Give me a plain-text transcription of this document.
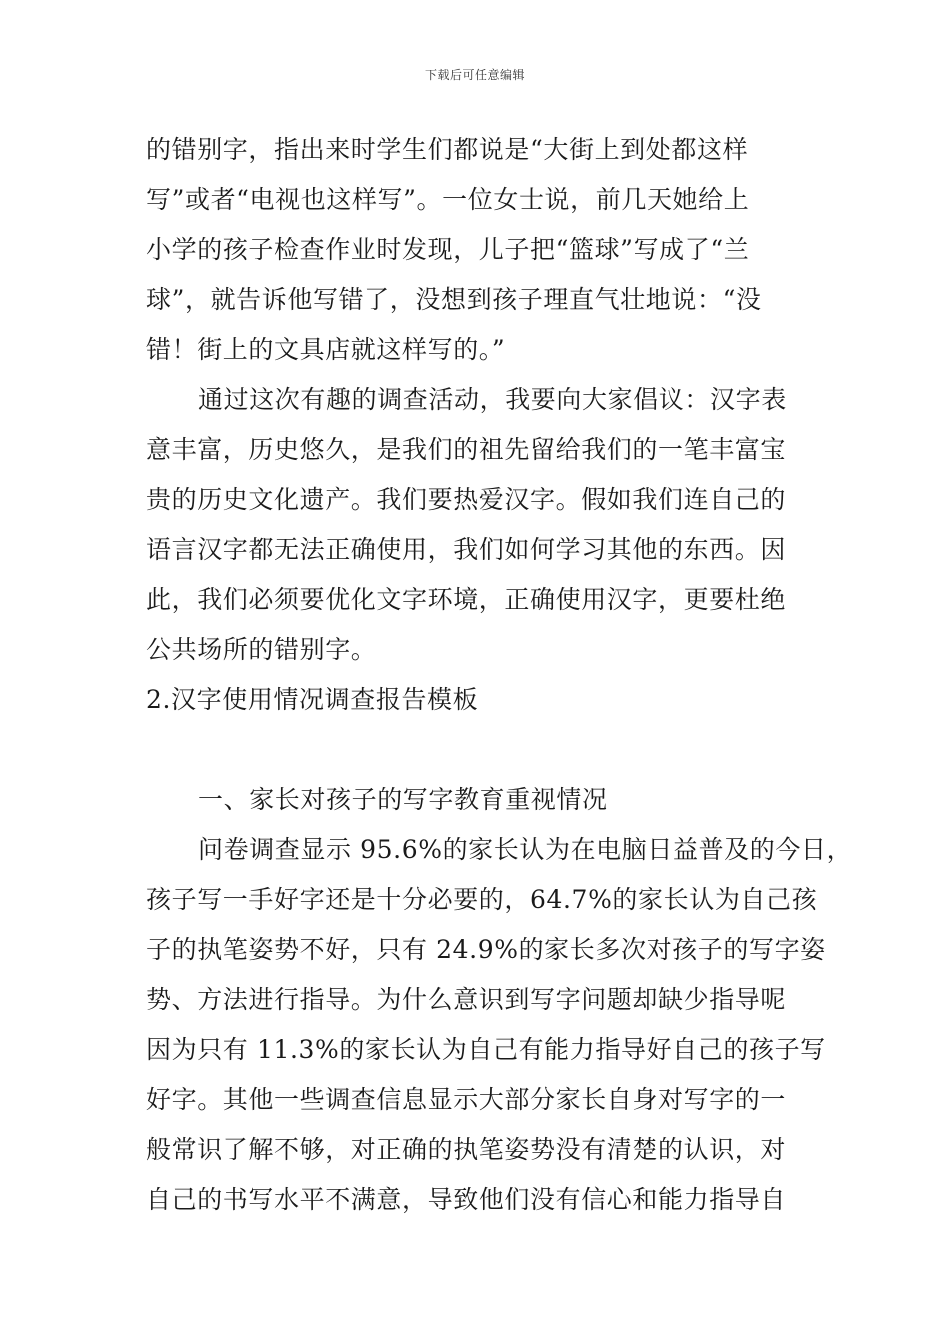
下载后可任意编辑
的错别字，指出来时学生们都说是“大街上到处都这样
写”或者“电视也这样写”。一位女士说，前几天她给上
小学的孩子检查作业时发现，儿子把“篮球”写成了“兰
球”，就告诉他写错了，没想到孩子理直气壮地说：“没
错！街上的文具店就这样写的。”
通过这次有趣的调查活动，我要向大家倡议：汉字表
意丰富，历史悠久，是我们的祖先留给我们的一笔丰富宝
贵的历史文化遗产。我们要热爱汉字。假如我们连自己的
语言汉字都无法正确使用，我们如何学习其他的东西。因
此，我们必须要优化文字环境，正确使用汉字，更要杜绝
公共场所的错别字。
2.汉字使用情况调查报告模板
一、家长对孩子的写字教育重视情况
问卷调查显示 95.6%的家长认为在电脑日益普及的今日，
孩子写一手好字还是十分必要的，64.7%的家长认为自己孩
子的执笔姿势不好，只有 24.9%的家长多次对孩子的写字姿
势、方法进行指导。为什么意识到写字问题却缺少指导呢
因为只有 11.3%的家长认为自己有能力指导好自己的孩子写
好字。其他一些调查信息显示大部分家长自身对写字的一
般常识了解不够，对正确的执笔姿势没有清楚的认识，对
自己的书写水平不满意，导致他们没有信心和能力指导自
